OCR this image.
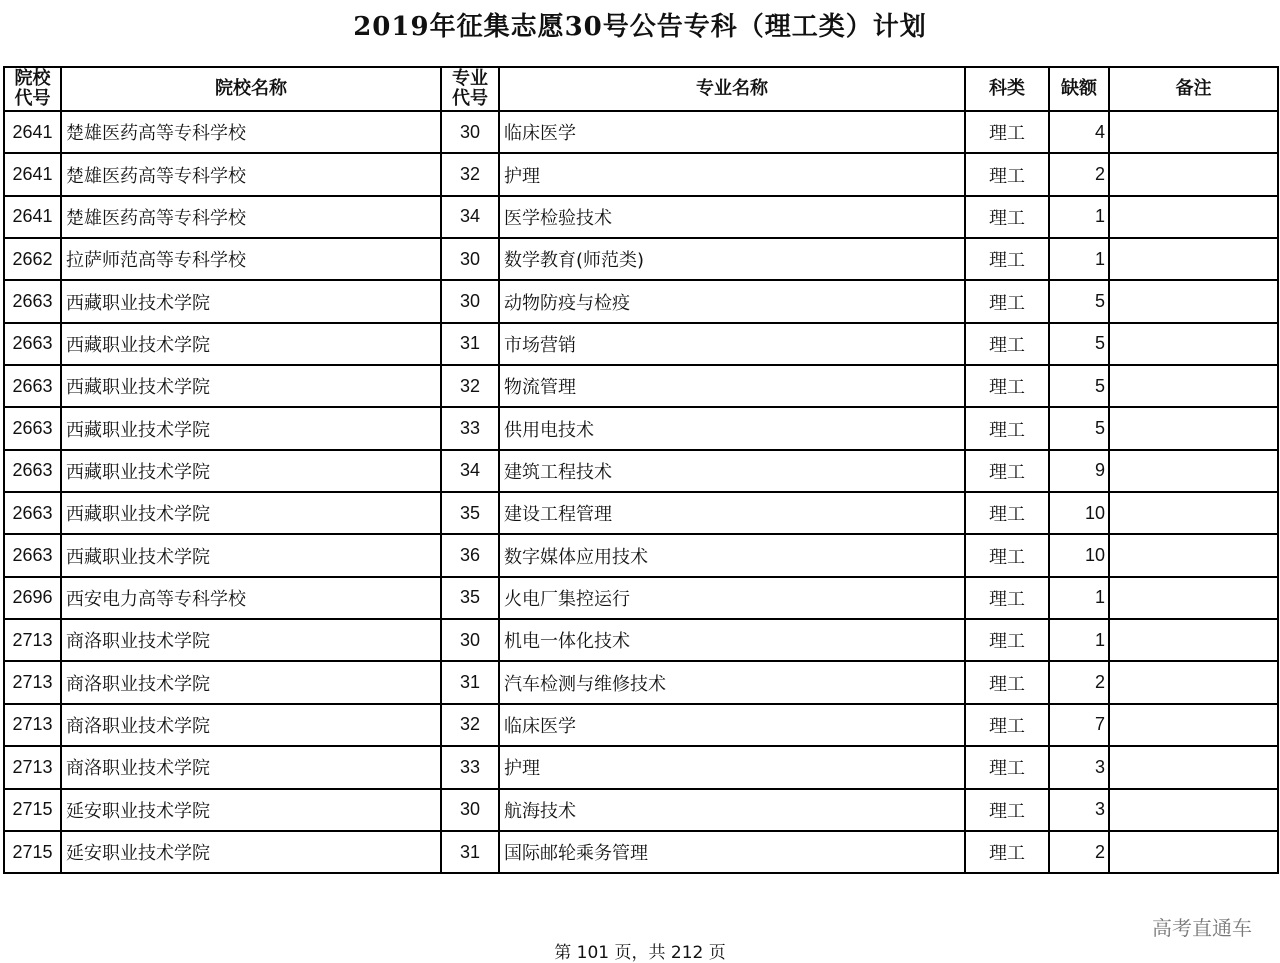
2019年征集志愿30号公告专科（理工类）计划
院校代号	院校名称	专业代号	专业名称	科类	缺额	备注
2641	楚雄医药高等专科学校	30	临床医学	理工	4	
2641	楚雄医药高等专科学校	32	护理	理工	2	
2641	楚雄医药高等专科学校	34	医学检验技术	理工	1	
2662	拉萨师范高等专科学校	30	数学教育(师范类)	理工	1	
2663	西藏职业技术学院	30	动物防疫与检疫	理工	5	
2663	西藏职业技术学院	31	市场营销	理工	5	
2663	西藏职业技术学院	32	物流管理	理工	5	
2663	西藏职业技术学院	33	供用电技术	理工	5	
2663	西藏职业技术学院	34	建筑工程技术	理工	9	
2663	西藏职业技术学院	35	建设工程管理	理工	10	
2663	西藏职业技术学院	36	数字媒体应用技术	理工	10	
2696	西安电力高等专科学校	35	火电厂集控运行	理工	1	
2713	商洛职业技术学院	30	机电一体化技术	理工	1	
2713	商洛职业技术学院	31	汽车检测与维修技术	理工	2	
2713	商洛职业技术学院	32	临床医学	理工	7	
2713	商洛职业技术学院	33	护理	理工	3	
2715	延安职业技术学院	30	航海技术	理工	3	
2715	延安职业技术学院	31	国际邮轮乘务管理	理工	2	
高考直通车
第 101 页，共 212 页
